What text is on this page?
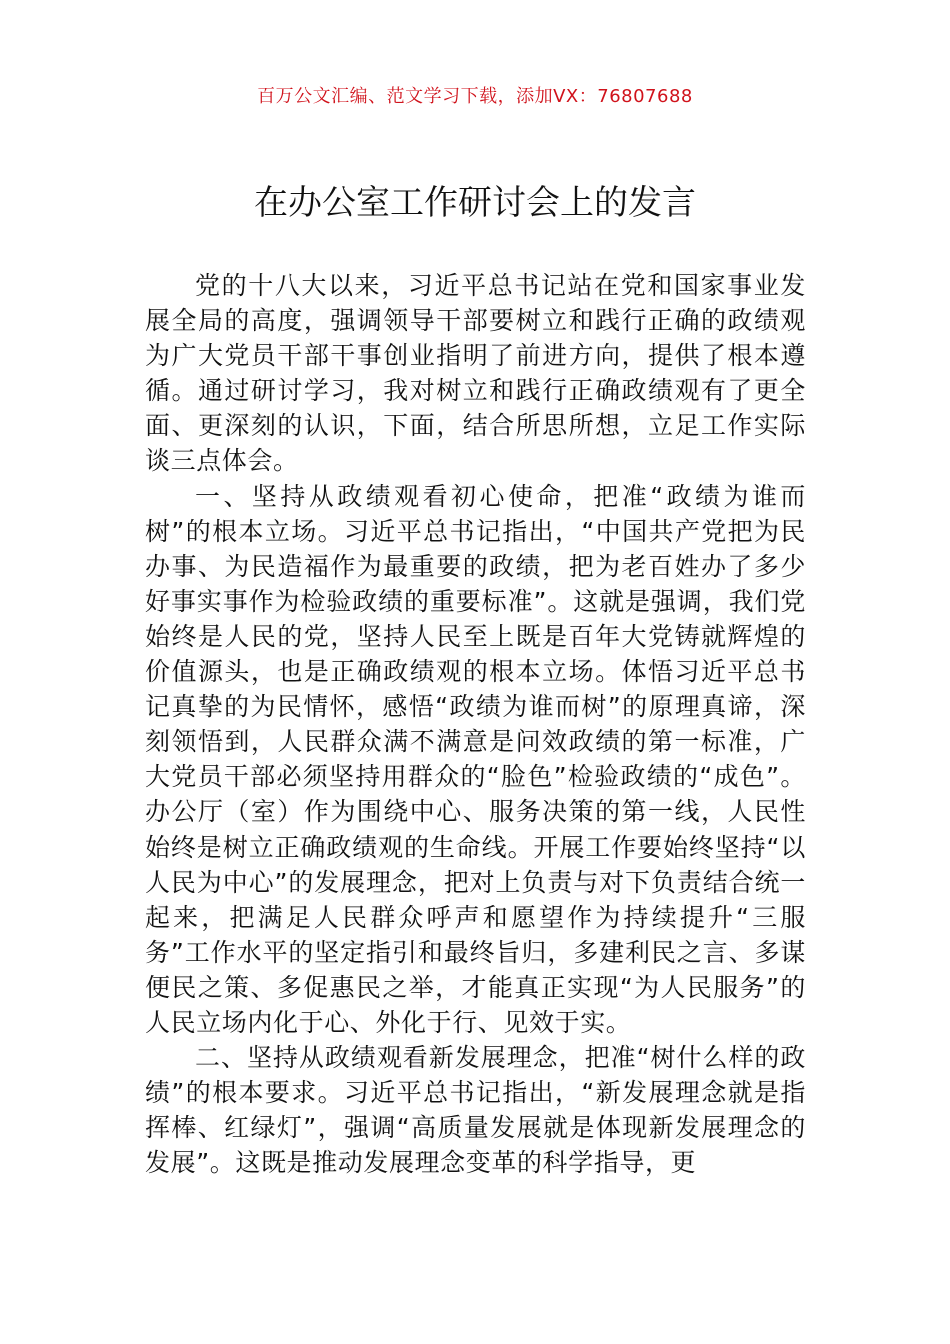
百万公文汇编、范文学习下载，添加VX：76807688
在办公室工作研讨会上的发言

党的十八大以来，习近平总书记站在党和国家事业发展全局的高度，强调领导干部要树立和践行正确的政绩观为广大党员干部干事创业指明了前进方向，提供了根本遵循。通过研讨学习，我对树立和践行正确政绩观有了更全面、更深刻的认识，下面，结合所思所想，立足工作实际谈三点体会。

一、坚持从政绩观看初心使命，把准“政绩为谁而树”的根本立场。习近平总书记指出，“中国共产党把为民办事、为民造福作为最重要的政绩，把为老百姓办了多少好事实事作为检验政绩的重要标准”。这就是强调，我们党始终是人民的党，坚持人民至上既是百年大党铸就辉煌的价值源头，也是正确政绩观的根本立场。体悟习近平总书记真挚的为民情怀，感悟“政绩为谁而树”的原理真谛，深刻领悟到，人民群众满不满意是问效政绩的第一标准，广大党员干部必须坚持用群众的“脸色”检验政绩的“成色”。办公厅（室）作为围绕中心、服务决策的第一线，人民性始终是树立正确政绩观的生命线。开展工作要始终坚持“以人民为中心”的发展理念，把对上负责与对下负责结合统一起来，把满足人民群众呼声和愿望作为持续提升“三服务”工作水平的坚定指引和最终旨归，多建利民之言、多谋便民之策、多促惠民之举，才能真正实现“为人民服务”的人民立场内化于心、外化于行、见效于实。

二、坚持从政绩观看新发展理念，把准“树什么样的政绩”的根本要求。习近平总书记指出，“新发展理念就是指挥棒、红绿灯”，强调“高质量发展就是体现新发展理念的发展”。这既是推动发展理念变革的科学指导，更
